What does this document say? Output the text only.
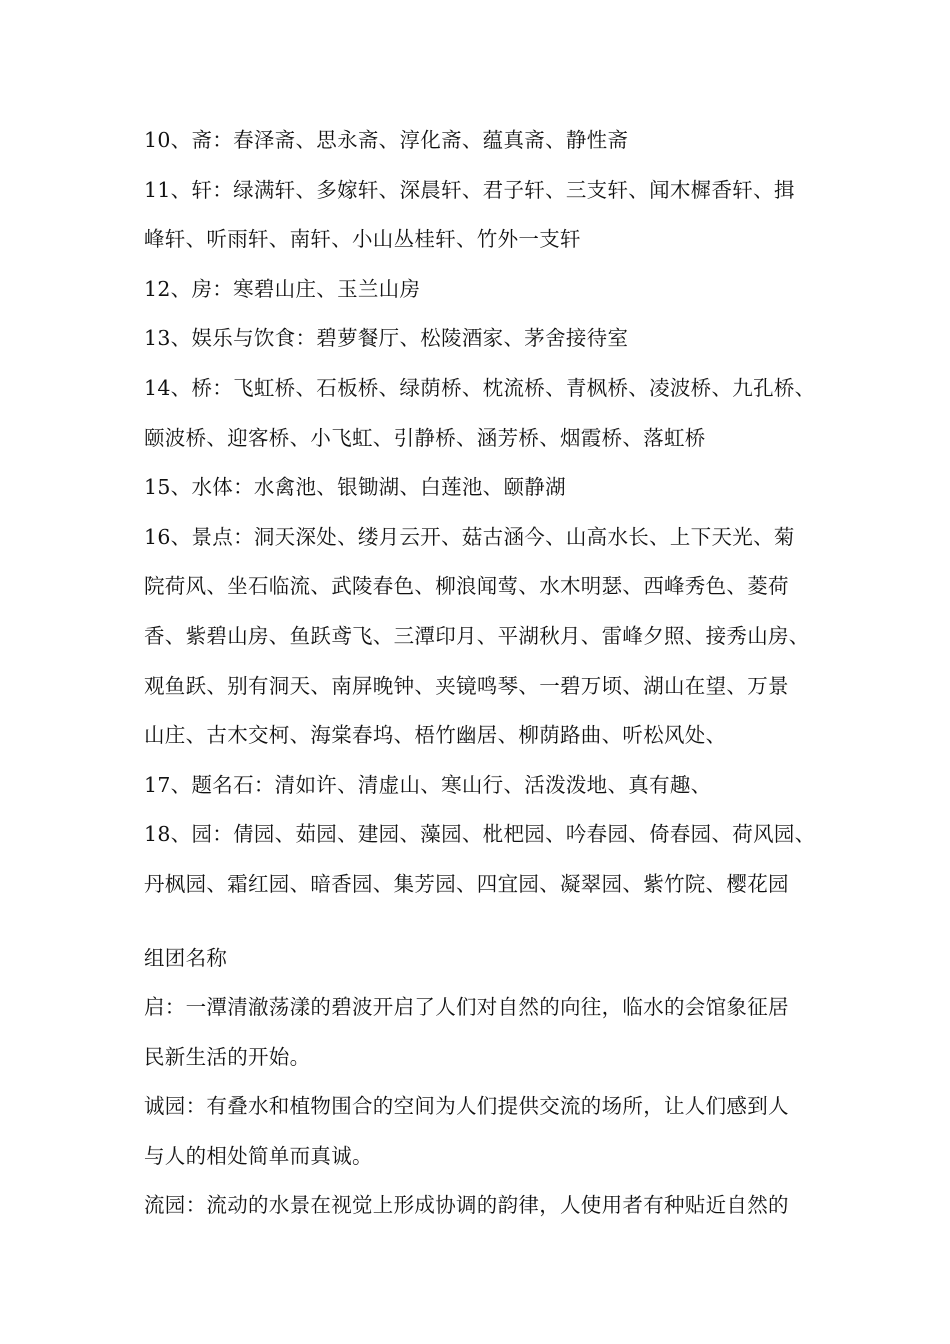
10、斋：春泽斋、思永斋、淳化斋、蕴真斋、静性斋
11、轩：绿满轩、多嫁轩、深晨轩、君子轩、三支轩、闻木樨香轩、揖
峰轩、听雨轩、南轩、小山丛桂轩、竹外一支轩
12、房：寒碧山庄、玉兰山房
13、娱乐与饮食：碧萝餐厅、松陵酒家、茅舍接待室
14、桥：飞虹桥、石板桥、绿荫桥、枕流桥、青枫桥、凌波桥、九孔桥、
颐波桥、迎客桥、小飞虹、引静桥、涵芳桥、烟霞桥、落虹桥
15、水体：水禽池、银锄湖、白莲池、颐静湖
16、景点：洞天深处、缕月云开、菇古涵今、山高水长、上下天光、菊
院荷风、坐石临流、武陵春色、柳浪闻莺、水木明瑟、西峰秀色、菱荷
香、紫碧山房、鱼跃鸢飞、三潭印月、平湖秋月、雷峰夕照、接秀山房、
观鱼跃、别有洞天、南屏晚钟、夹镜鸣琴、一碧万顷、湖山在望、万景
山庄、古木交柯、海棠春坞、梧竹幽居、柳荫路曲、听松风处、
17、题名石：清如许、清虚山、寒山行、活泼泼地、真有趣、
18、园：倩园、茹园、建园、藻园、枇杷园、吟春园、倚春园、荷风园、
丹枫园、霜红园、暗香园、集芳园、四宜园、凝翠园、紫竹院、樱花园
组团名称
启：一潭清澈荡漾的碧波开启了人们对自然的向往，临水的会馆象征居
民新生活的开始。
诚园：有叠水和植物围合的空间为人们提供交流的场所，让人们感到人
与人的相处简单而真诚。
流园：流动的水景在视觉上形成协调的韵律，人使用者有种贴近自然的
